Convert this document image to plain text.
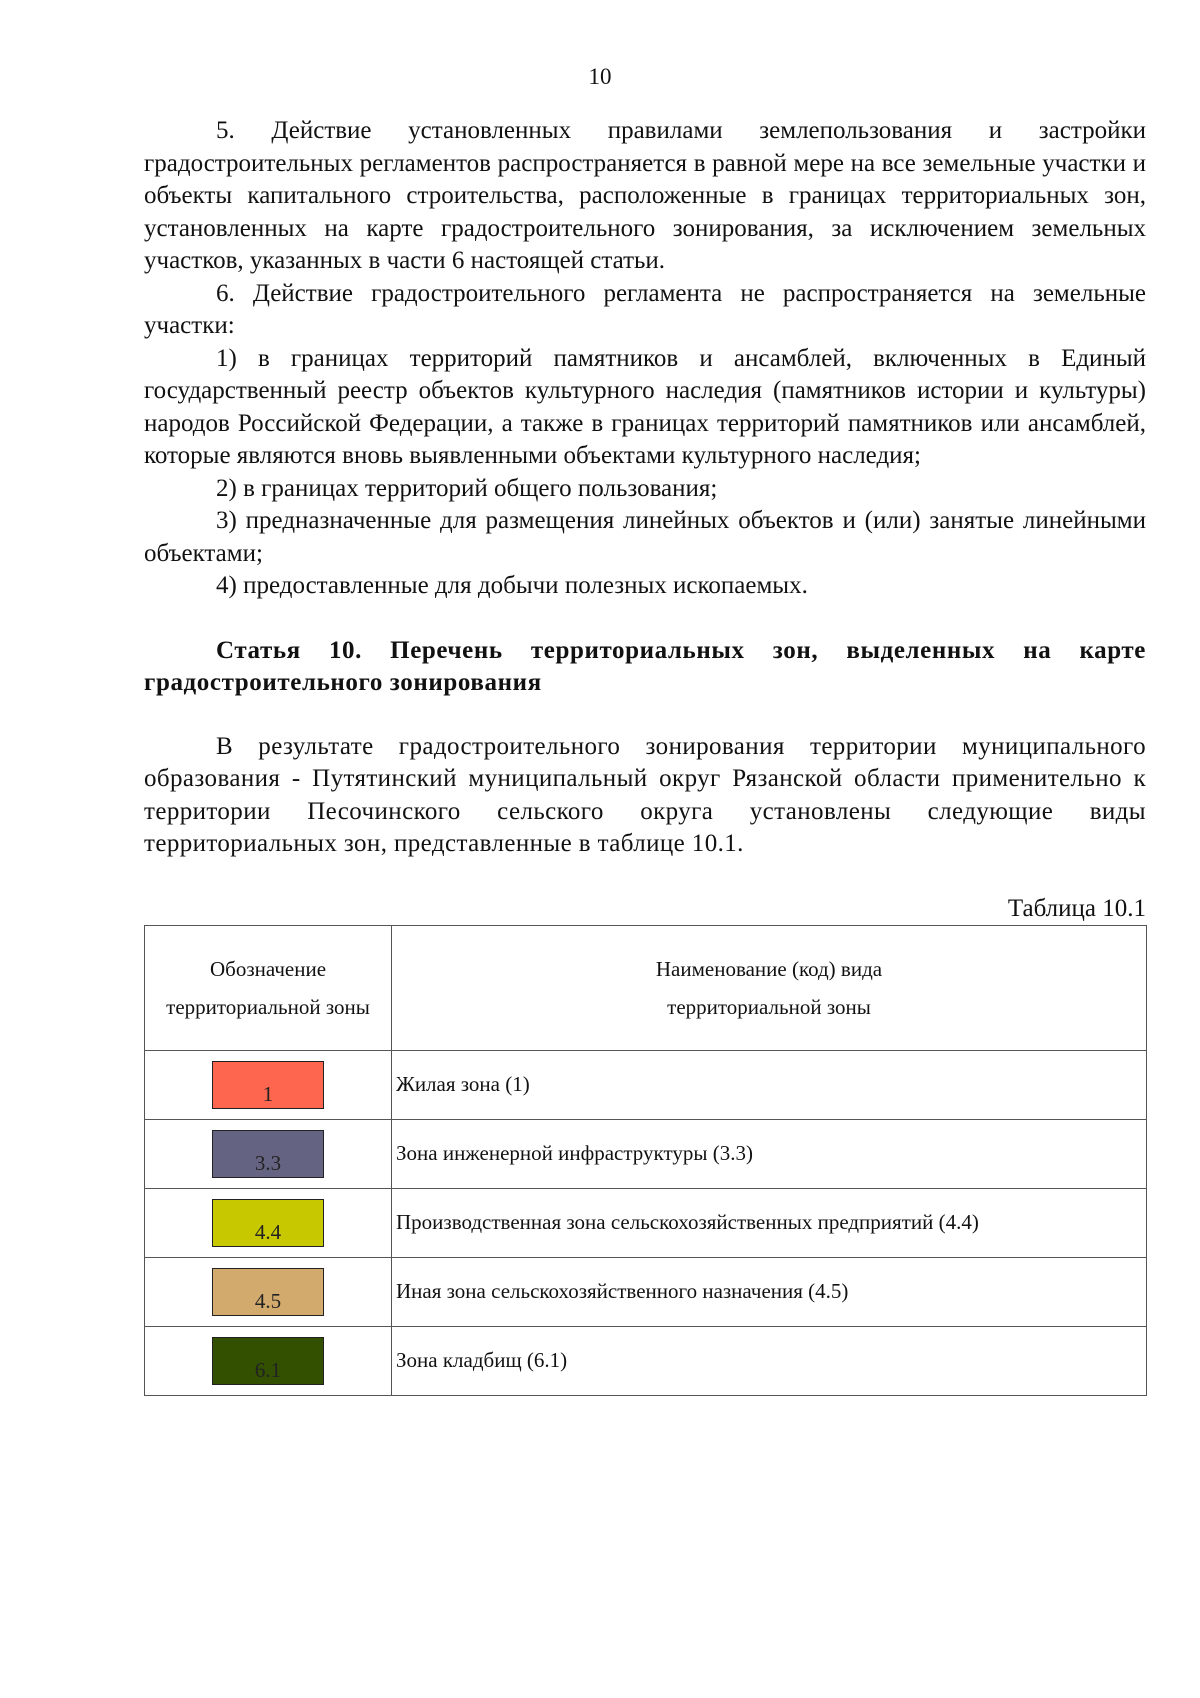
10

5. Действие установленных правилами землепользования и застройки градостроительных регламентов распространяется в равной мере на все земельные участки и объекты капитального строительства, расположенные в границах территориальных зон, установленных на карте градостроительного зонирования, за исключением земельных участков, указанных в части 6 настоящей статьи.

6. Действие градостроительного регламента не распространяется на земельные участки:

1) в границах территорий памятников и ансамблей, включенных в Единый государственный реестр объектов культурного наследия (памятников истории и культуры) народов Российской Федерации, а также в границах территорий памятников или ансамблей, которые являются вновь выявленными объектами культурного наследия;

2) в границах территорий общего пользования;

3) предназначенные для размещения линейных объектов и (или) занятые линейными объектами;

4) предоставленные для добычи полезных ископаемых.

Статья 10. Перечень территориальных зон, выделенных на карте градостроительного зонирования

В результате градостроительного зонирования территории муниципального образования - Путятинский муниципальный округ Рязанской области применительно к территории Песочинского сельского округа установлены следующие виды территориальных зон, представленные в таблице 10.1.

Таблица 10.1
Обозначение территориальной зоны	Наименование (код) вида территориальной зоны

1	Жилая зона (1)
3.3	Зона инженерной инфраструктуры (3.3)
4.4	Производственная зона сельскохозяйственных предприятий (4.4)
4.5	Иная зона сельскохозяйственного назначения (4.5)
6.1	Зона кладбищ (6.1)
